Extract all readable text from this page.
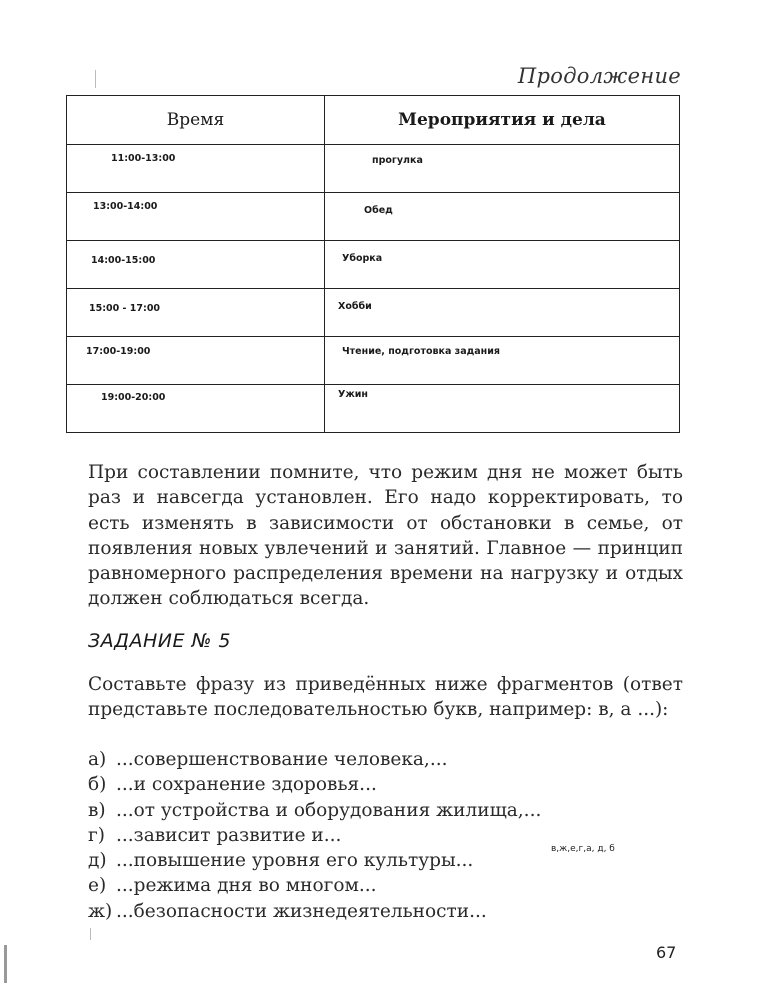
Продолжение
Время	Мероприятия и дела

11:00-13:00	прогулка

13:00-14:00	Обед

14:00-15:00	Уборка

15:00 - 17:00	Хобби

17:00-19:00	Чтение, подготовка задания

19:00-20:00	Ужин
При составлении помните, что режим дня не может быть раз и навсегда установлен. Его надо корректировать, то есть изменять в зависимости от обстановки в семье, от появления новых увлечений и занятий. Главное — принцип равномерного распределения времени на нагрузку и отдых должен соблюдаться всегда.
ЗАДАНИЕ № 5
Составьте фразу из приведённых ниже фрагментов (ответ представьте последовательностью букв, например: в, а ...):
а) ...совершенствование человека,...
б) ...и сохранение здоровья...
в) ...от устройства и оборудования жилища,...
г) ...зависит развитие и...
д) ...повышение уровня его культуры...
е) ...режима дня во многом...
ж) ...безопасности жизнедеятельности...
в,ж,е,г,а, д, б
67
